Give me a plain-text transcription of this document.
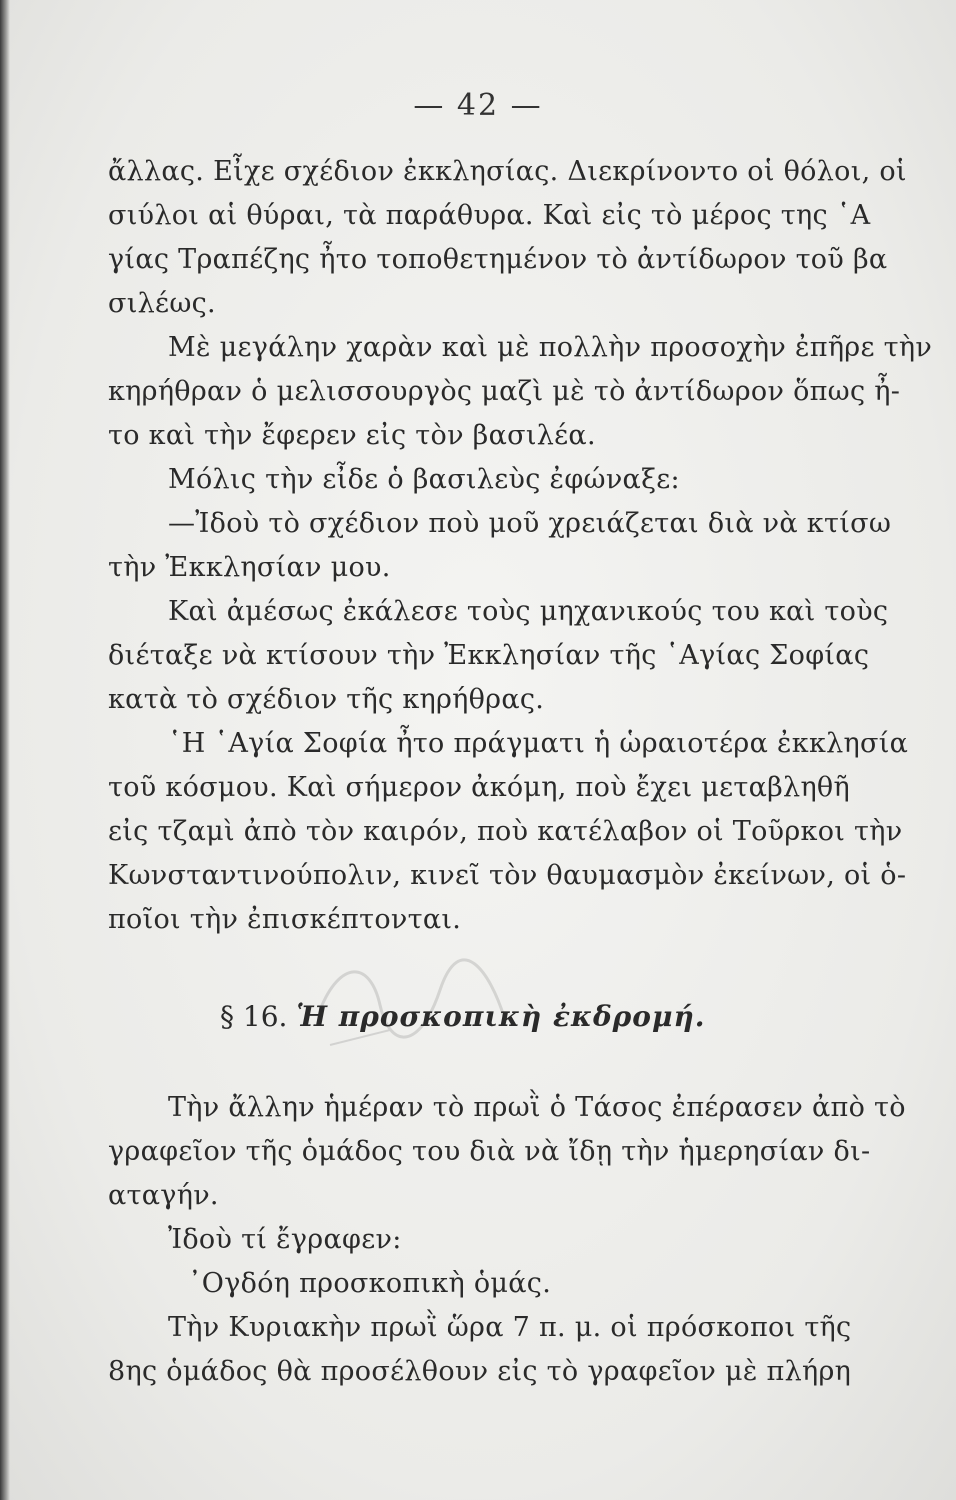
— 42 —
ἄλλας. Εἶχε σχέδιον ἐκκλησίας. Διεκρίνοντο οἱ θόλοι, οἱ
σιύλοι αἱ θύραι, τὰ παράθυρα. Καὶ εἰς τὸ μέρος της ῾Α
γίας Τραπέζης ἦτο τοποθετημένον τὸ ἀντίδωρον τοῦ βα
σιλέως.
Μὲ μεγάλην χαρὰν καὶ μὲ πολλὴν προσοχὴν ἐπῆρε τὴν
κηρήθραν ὁ μελισσουργὸς μαζὶ μὲ τὸ ἀντίδωρον ὅπως ἦ-
το καὶ τὴν ἔφερεν εἰς τὸν βασιλέα.
Μόλις τὴν εἶδε ὁ βασιλεὺς ἐφώναξε:
—Ἰδοὺ τὸ σχέδιον ποὺ μοῦ χρειάζεται διὰ νὰ κτίσω
τὴν Ἐκκλησίαν μου.
Καὶ ἀμέσως ἐκάλεσε τοὺς μηχανικούς του καὶ τοὺς
διέταξε νὰ κτίσουν τὴν Ἐκκλησίαν τῆς ῾Αγίας Σοφίας
κατὰ τὸ σχέδιον τῆς κηρήθρας.
῾Η ῾Αγία Σοφία ἦτο πράγματι ἡ ὡραιοτέρα ἐκκλησία
τοῦ κόσμου. Καὶ σήμερον ἀκόμη, ποὺ ἔχει μεταβληθῆ
εἰς τζαμὶ ἀπὸ τὸν καιρόν, ποὺ κατέλαβον οἱ Τοῦρκοι τὴν
Κωνσταντινούπολιν, κινεῖ τὸν θαυμασμὸν ἐκείνων, οἱ ὁ-
ποῖοι τὴν ἐπισκέπτονται.
§ 16. Ἡ προσκοπικὴ ἐκδρομή.
Τὴν ἄλλην ἡμέραν τὸ πρωῒ ὁ Τάσος ἐπέρασεν ἀπὸ τὸ
γραφεῖον τῆς ὁμάδος του διὰ νὰ ἴδῃ τὴν ἡμερησίαν δι-
αταγήν.
Ἰδοὺ τί ἔγραφεν:
᾿Ογδόη προσκοπικὴ ὁμάς.
Τὴν Κυριακὴν πρωῒ ὥρα 7 π. μ. οἱ πρόσκοποι τῆς
8ης ὁμάδος θὰ προσέλθουν εἰς τὸ γραφεῖον μὲ πλήρη
